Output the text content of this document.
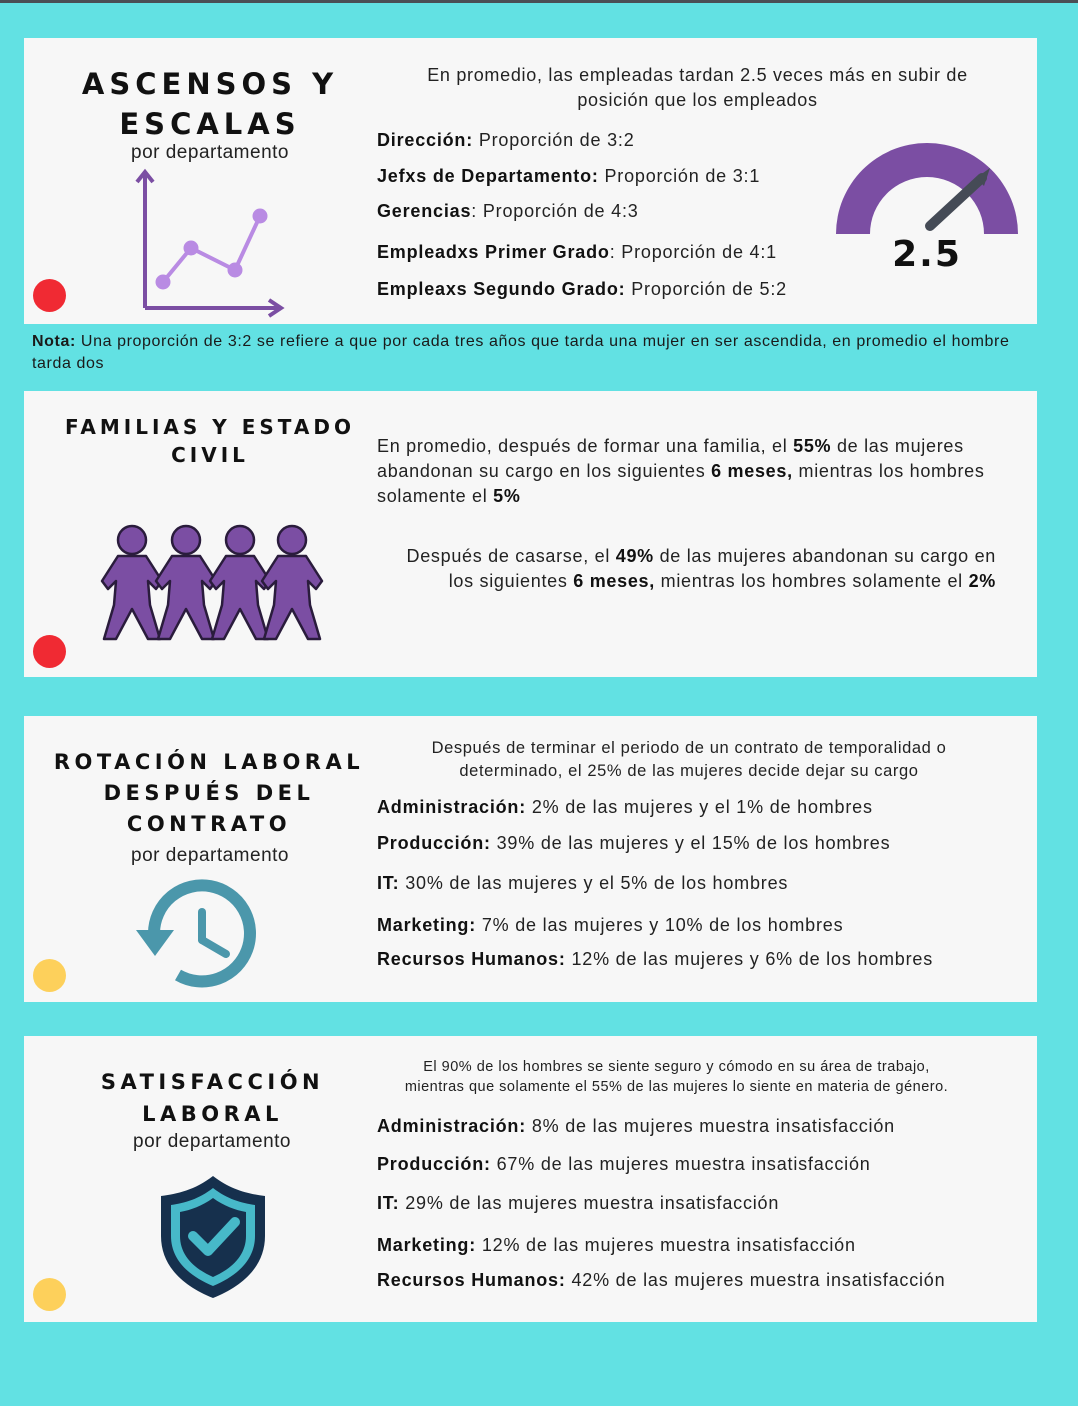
ASCENSOS Y
ESCALAS
por departamento
En promedio, las empleadas tardan 2.5 veces más en subir de
posición que los empleados
Dirección: Proporción de 3:2
Jefxs de Departamento: Proporción de 3:1
Gerencias: Proporción de 4:3
Empleadxs Primer Grado: Proporción de 4:1
Empleaxs Segundo Grado: Proporción de 5:2
2.5
Nota: Una proporción de 3:2 se refiere a que por cada tres años que tarda una mujer en ser ascendida, en promedio el hombre tarda dos
FAMILIAS Y ESTADO
CIVIL	En promedio, después de formar una familia, el 55% de las mujeres abandonan su cargo en los siguientes 6 meses, mientras los hombres solamente el 5%
Después de casarse, el 49% de las mujeres abandonan su cargo en los siguientes 6 meses, mientras los hombres solamente el 2%
ROTACIÓN LABORAL
DESPUÉS DEL
CONTRATO
por departamento
Después de terminar el periodo de un contrato de temporalidad o
determinado, el 25% de las mujeres decide dejar su cargo
Administración: 2% de las mujeres y el 1% de hombres
Producción: 39% de las mujeres y el 15% de los hombres
IT: 30% de las mujeres y el 5% de los hombres
Marketing: 7% de las mujeres y 10% de los hombres
Recursos Humanos: 12% de las mujeres y 6% de los hombres
SATISFACCIÓN
LABORAL
por departamento
El 90% de los hombres se siente seguro y cómodo en su área de trabajo,
mientras que solamente el 55% de las mujeres lo siente en materia de género.
Administración: 8% de las mujeres muestra insatisfacción
Producción: 67% de las mujeres muestra insatisfacción
IT: 29% de las mujeres muestra insatisfacción
Marketing: 12% de las mujeres muestra insatisfacción
Recursos Humanos: 42% de las mujeres muestra insatisfacción
